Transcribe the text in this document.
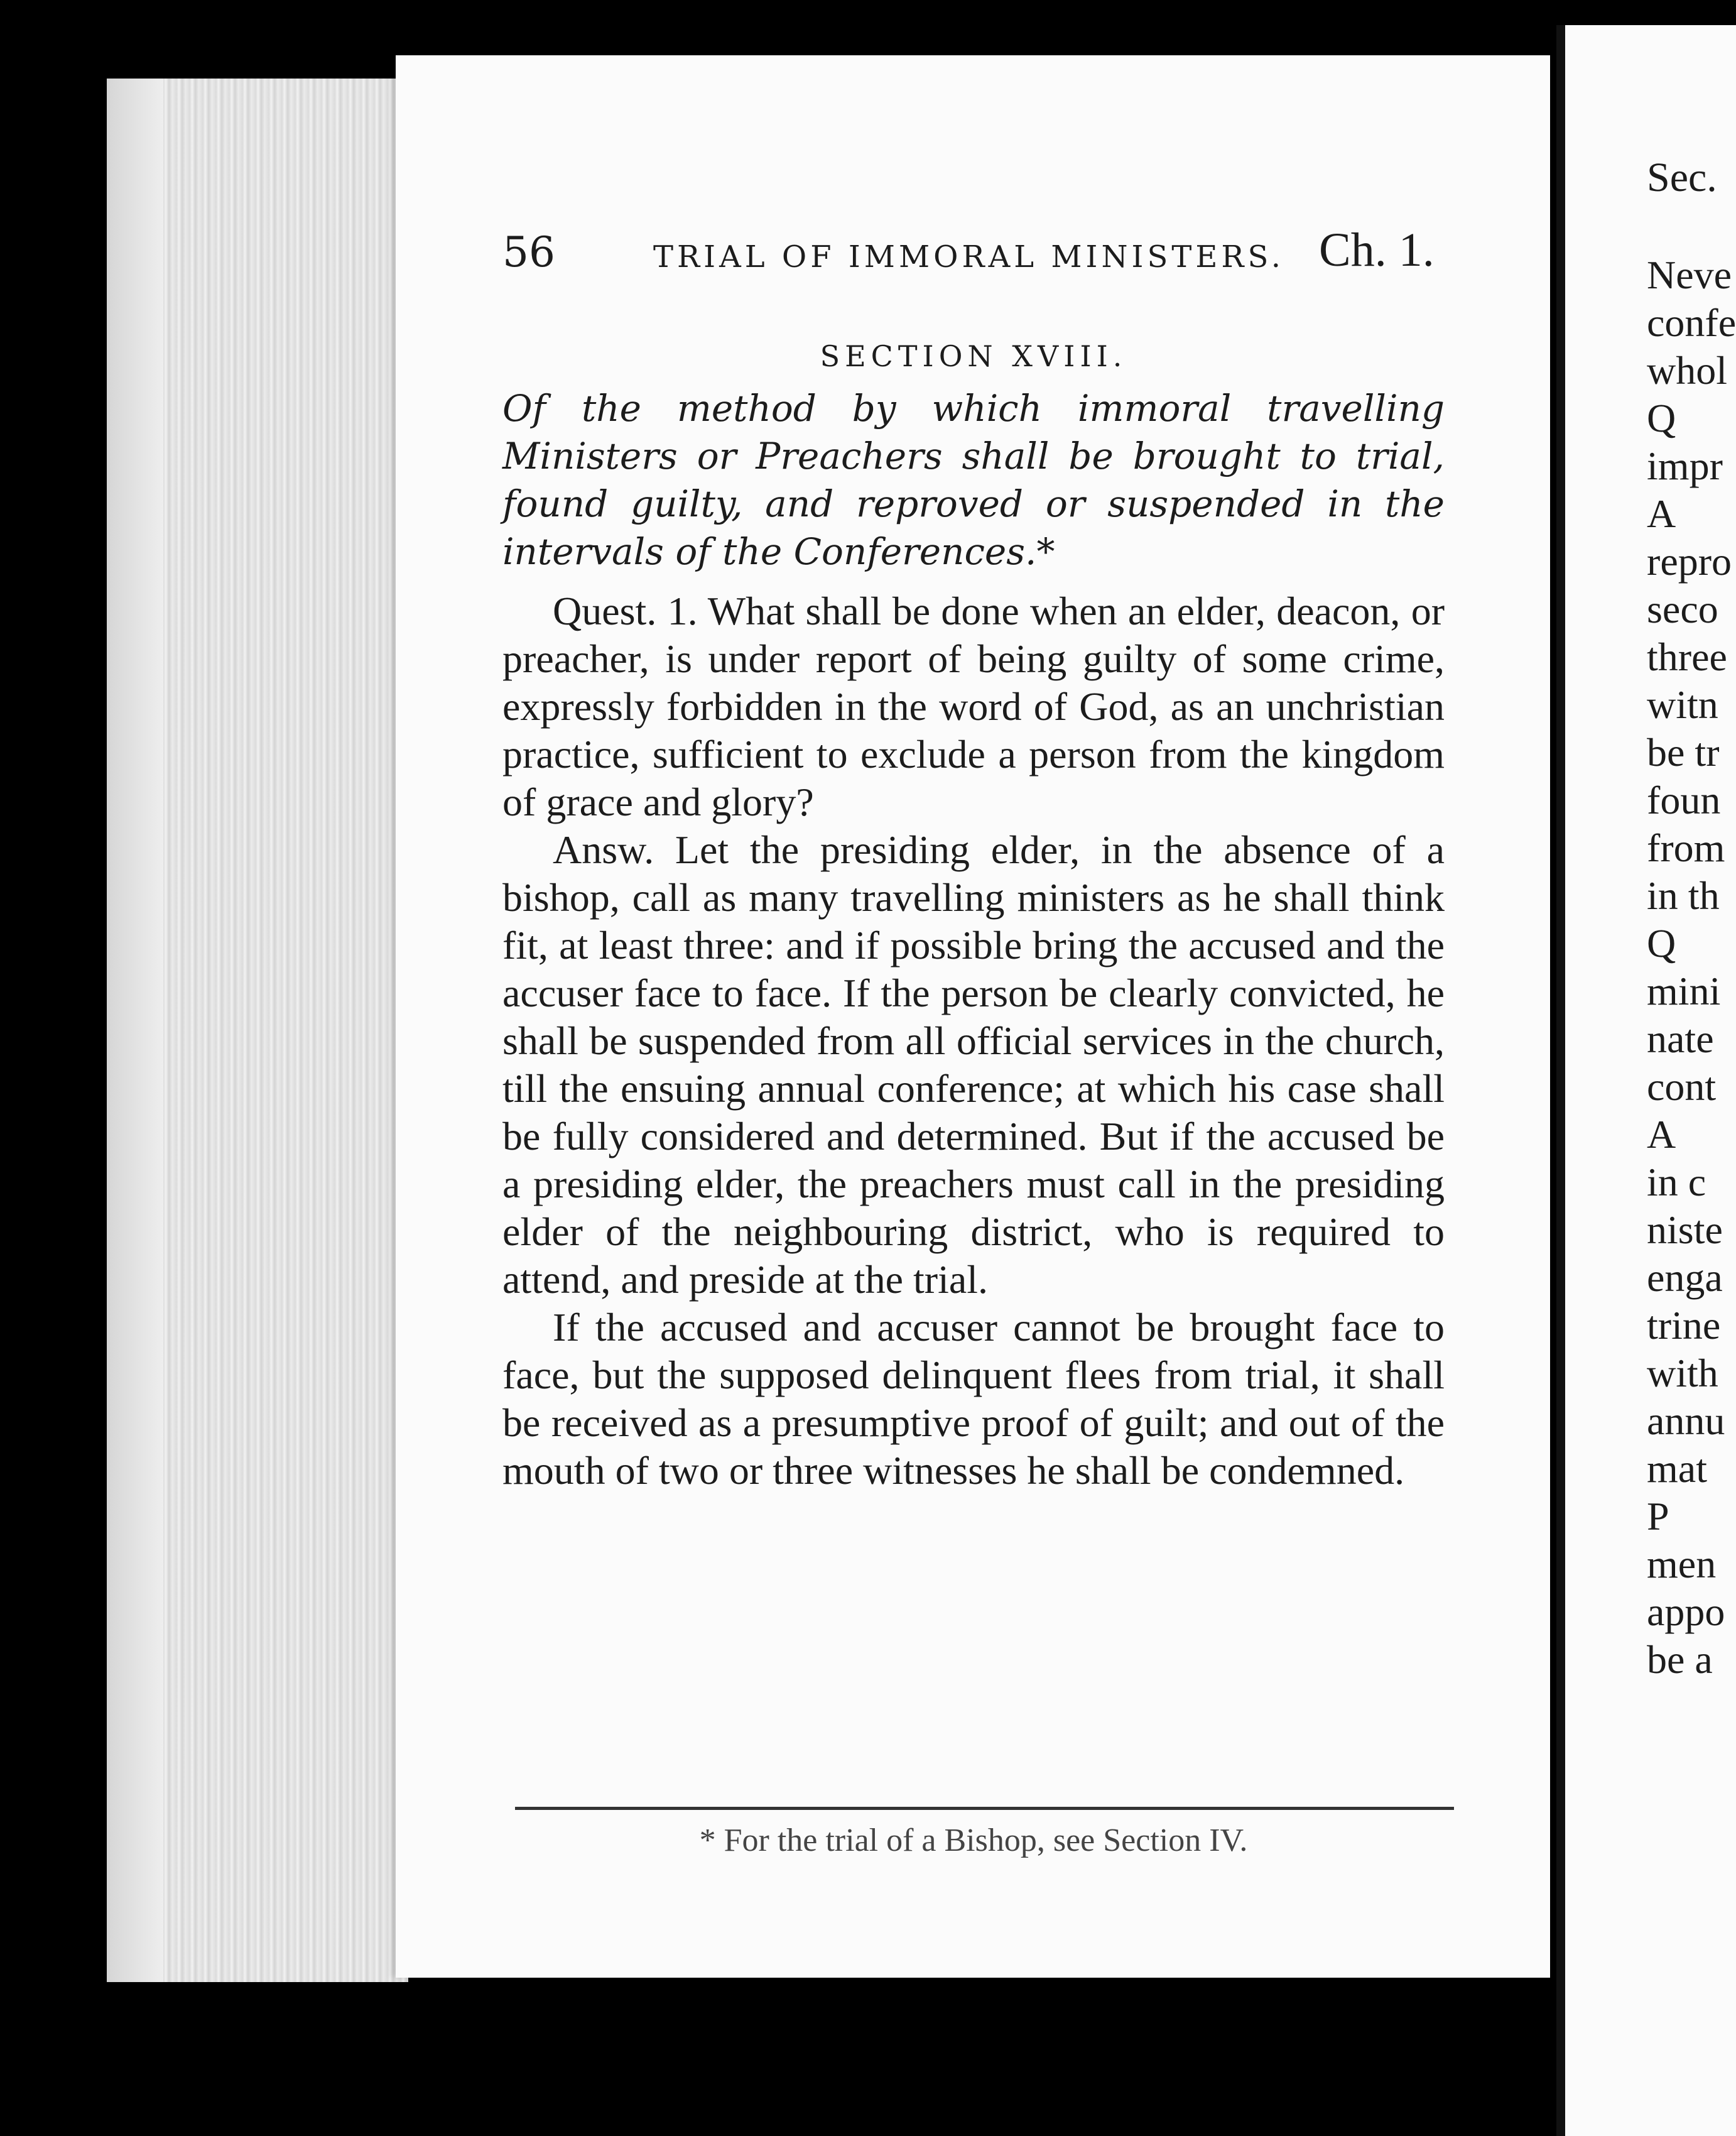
56	TRIAL OF IMMORAL MINISTERS. Ch. 1.
SECTION XVIII.
Of the method by which immoral travelling Ministers or Preachers shall be brought to trial, found guilty, and reproved or suspended in the intervals of the Conferences.*

Quest. 1. What shall be done when an elder, deacon, or preacher, is under report of being guilty of some crime, expressly forbidden in the word of God, as an unchristian practice, sufficient to exclude a person from the kingdom of grace and glory?

Answ. Let the presiding elder, in the absence of a bishop, call as many travelling ministers as he shall think fit, at least three: and if possible bring the accused and the accuser face to face. If the person be clearly convicted, he shall be suspended from all official services in the church, till the ensuing annual conference; at which his case shall be fully considered and determined. But if the accused be a presiding elder, the preachers must call in the presiding elder of the neighbouring district, who is required to attend, and preside at the trial.

If the accused and accuser cannot be brought face to face, but the supposed delinquent flees from trial, it shall be received as a presumptive proof of guilt; and out of the mouth of two or three witnesses he shall be condemned.

* For the trial of a Bishop, see Section IV.
Sec.
Neve
confe
whol
Q
impr
A
repro
seco
three
witn
be tr
foun
from
in th
Q
mini
nate
cont
A
in c
niste
enga
trine
with
annu
mat
P
men
appo
be a
